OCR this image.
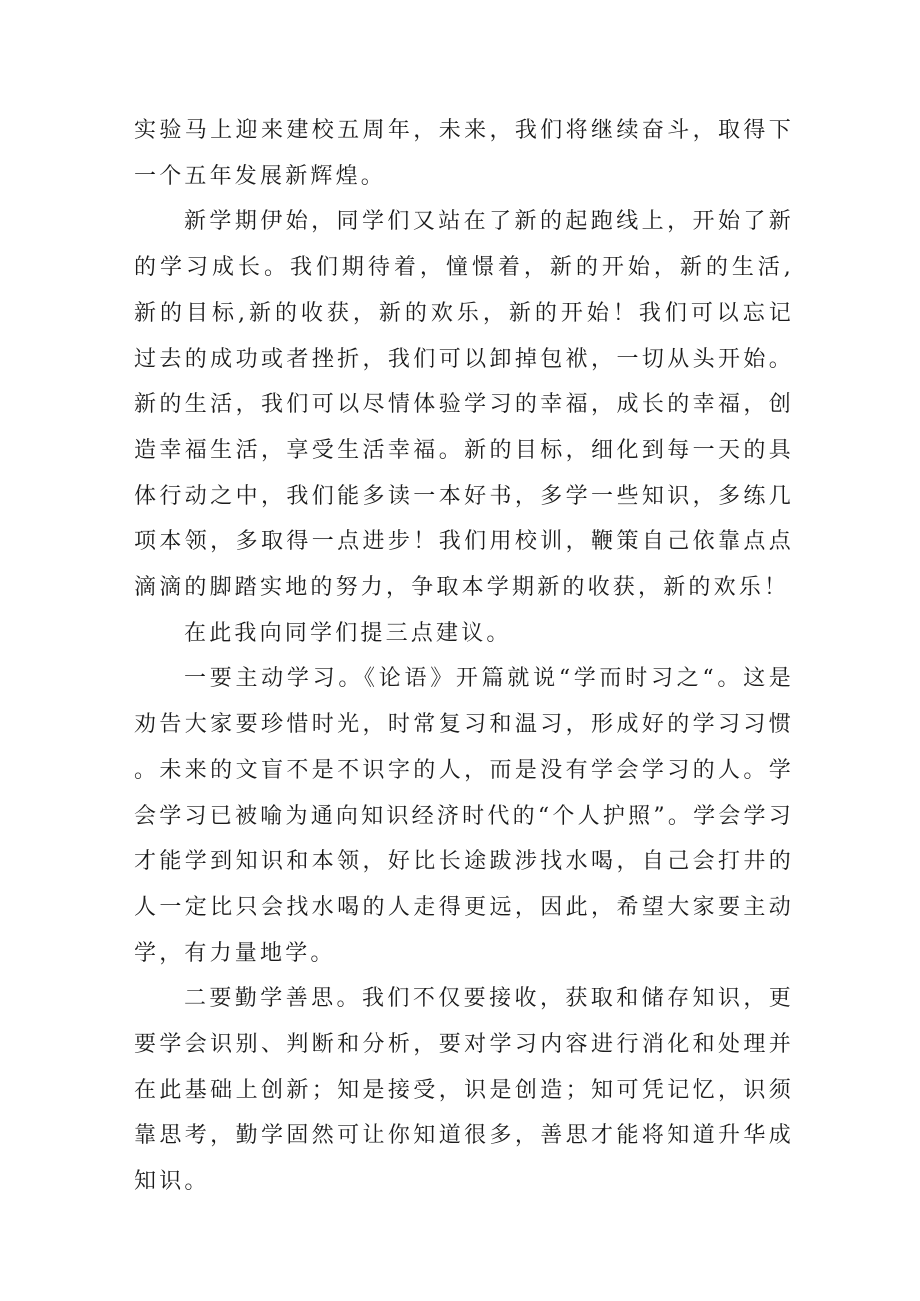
实验马上迎来建校五周年，未来，我们将继续奋斗，取得下一个五年发展新辉煌。

新学期伊始，同学们又站在了新的起跑线上，开始了新的学习成长。我们期待着，憧憬着，新的开始，新的生活,新的目标,新的收获，新的欢乐，新的开始！我们可以忘记过去的成功或者挫折，我们可以卸掉包袱，一切从头开始。新的生活，我们可以尽情体验学习的幸福，成长的幸福，创造幸福生活，享受生活幸福。新的目标，细化到每一天的具体行动之中，我们能多读一本好书，多学一些知识，多练几项本领，多取得一点进步！我们用校训，鞭策自己依靠点点滴滴的脚踏实地的努力，争取本学期新的收获，新的欢乐！

在此我向同学们提三点建议。

一要主动学习。《论语》开篇就说“学而时习之“。这是劝告大家要珍惜时光，时常复习和温习，形成好的学习习惯。未来的文盲不是不识字的人，而是没有学会学习的人。学会学习已被喻为通向知识经济时代的“个人护照”。学会学习才能学到知识和本领，好比长途跋涉找水喝，自己会打井的人一定比只会找水喝的人走得更远，因此，希望大家要主动学，有力量地学。

二要勤学善思。我们不仅要接收，获取和储存知识，更要学会识别、判断和分析，要对学习内容进行消化和处理并在此基础上创新；知是接受，识是创造；知可凭记忆，识须靠思考，勤学固然可让你知道很多，善思才能将知道升华成知识。
